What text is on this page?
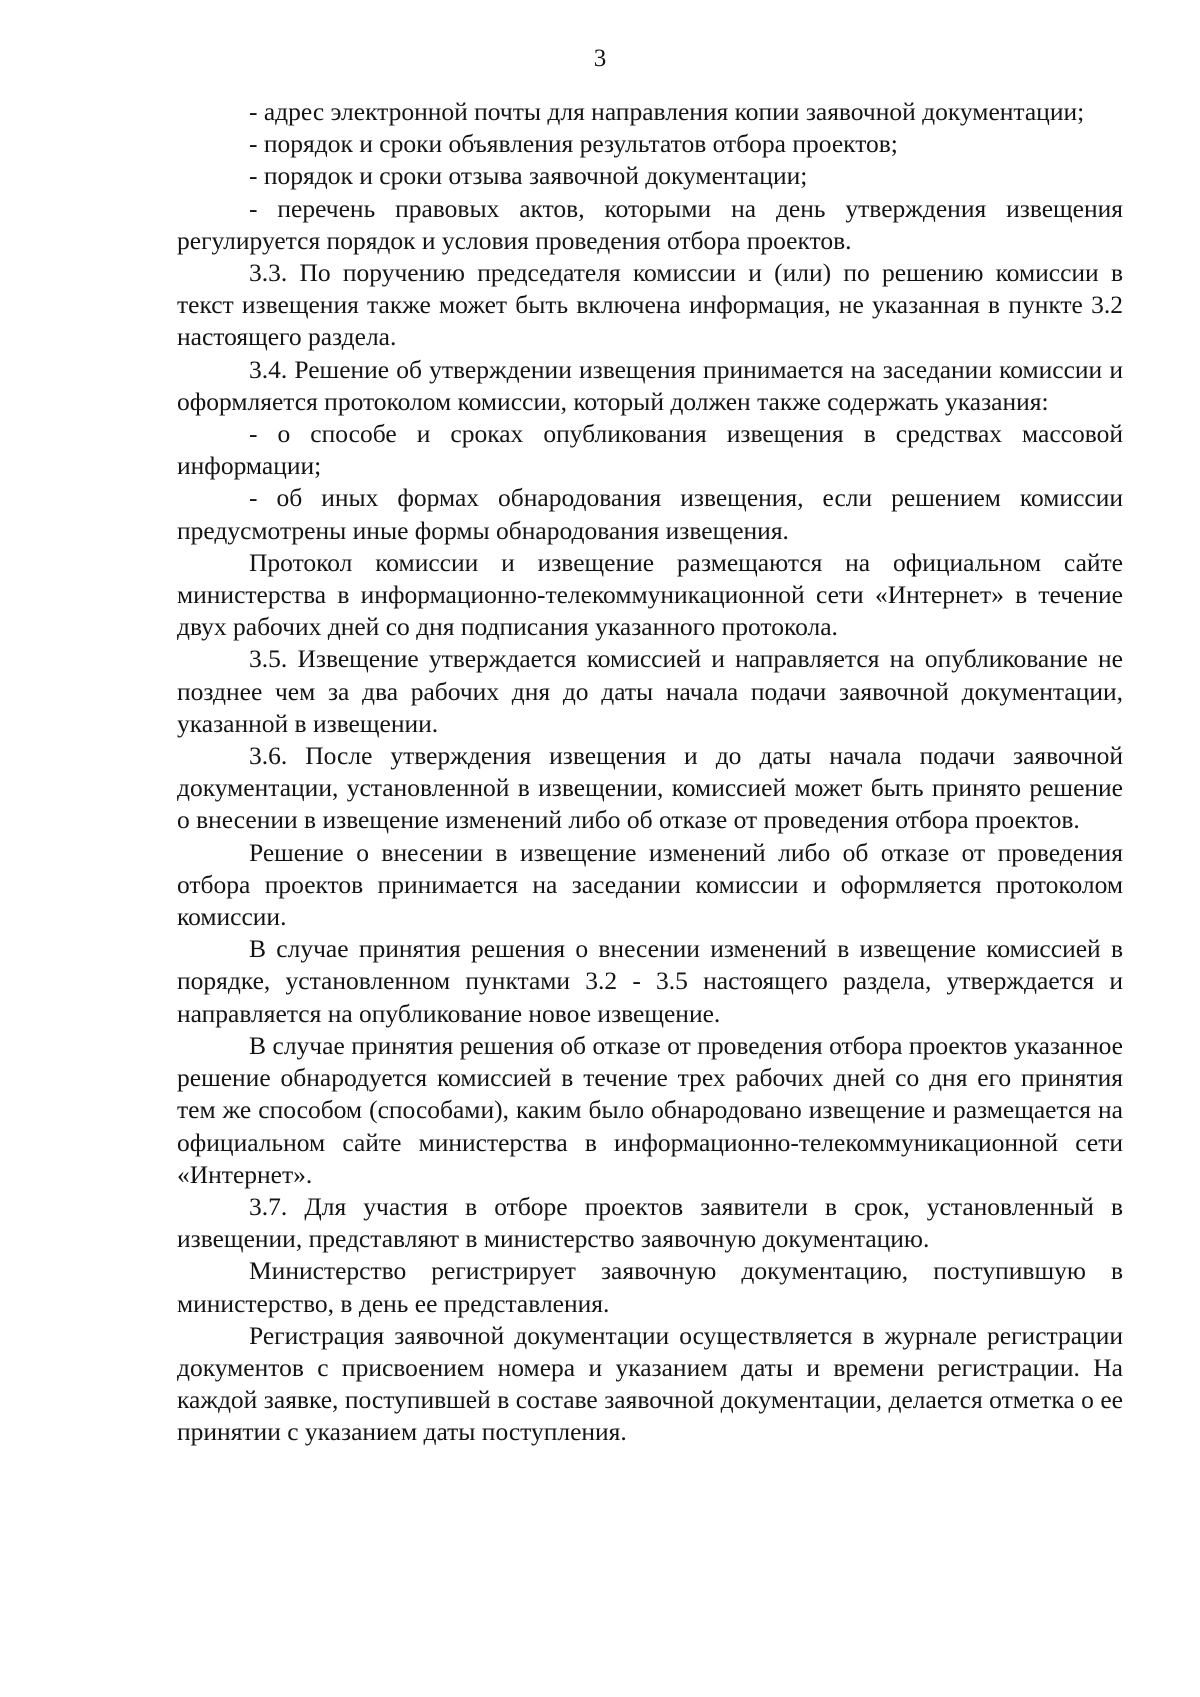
3

- адрес электронной почты для направления копии заявочной документации;

- порядок и сроки объявления результатов отбора проектов;

- порядок и сроки отзыва заявочной документации;

- перечень правовых актов, которыми на день утверждения извещения регулируется порядок и условия проведения отбора проектов.

3.3. По поручению председателя комиссии и (или) по решению комиссии в текст извещения также может быть включена информация, не указанная в пункте 3.2 настоящего раздела.

3.4. Решение об утверждении извещения принимается на заседании комиссии и оформляется протоколом комиссии, который должен также содержать указания:

- о способе и сроках опубликования извещения в средствах массовой информации;

- об иных формах обнародования извещения, если решением комиссии предусмотрены иные формы обнародования извещения.

Протокол комиссии и извещение размещаются на официальном сайте министерства в информационно-телекоммуникационной сети «Интернет» в течение двух рабочих дней со дня подписания указанного протокола.

3.5. Извещение утверждается комиссией и направляется на опубликование не позднее чем за два рабочих дня до даты начала подачи заявочной документации, указанной в извещении.

3.6. После утверждения извещения и до даты начала подачи заявочной документации, установленной в извещении, комиссией может быть принято решение о внесении в извещение изменений либо об отказе от проведения отбора проектов.

Решение о внесении в извещение изменений либо об отказе от проведения отбора проектов принимается на заседании комиссии и оформляется протоколом комиссии.

В случае принятия решения о внесении изменений в извещение комиссией в порядке, установленном пунктами 3.2 - 3.5 настоящего раздела, утверждается и направляется на опубликование новое извещение.

В случае принятия решения об отказе от проведения отбора проектов указанное решение обнародуется комиссией в течение трех рабочих дней со дня его принятия тем же способом (способами), каким было обнародовано извещение и размещается на официальном сайте министерства в информационно-телекоммуникационной сети «Интернет».

3.7. Для участия в отборе проектов заявители в срок, установленный в извещении, представляют в министерство заявочную документацию.

Министерство регистрирует заявочную документацию, поступившую в министерство, в день ее представления.

Регистрация заявочной документации осуществляется в журнале регистрации документов с присвоением номера и указанием даты и времени регистрации. На каждой заявке, поступившей в составе заявочной документации, делается отметка о ее принятии с указанием даты поступления.
